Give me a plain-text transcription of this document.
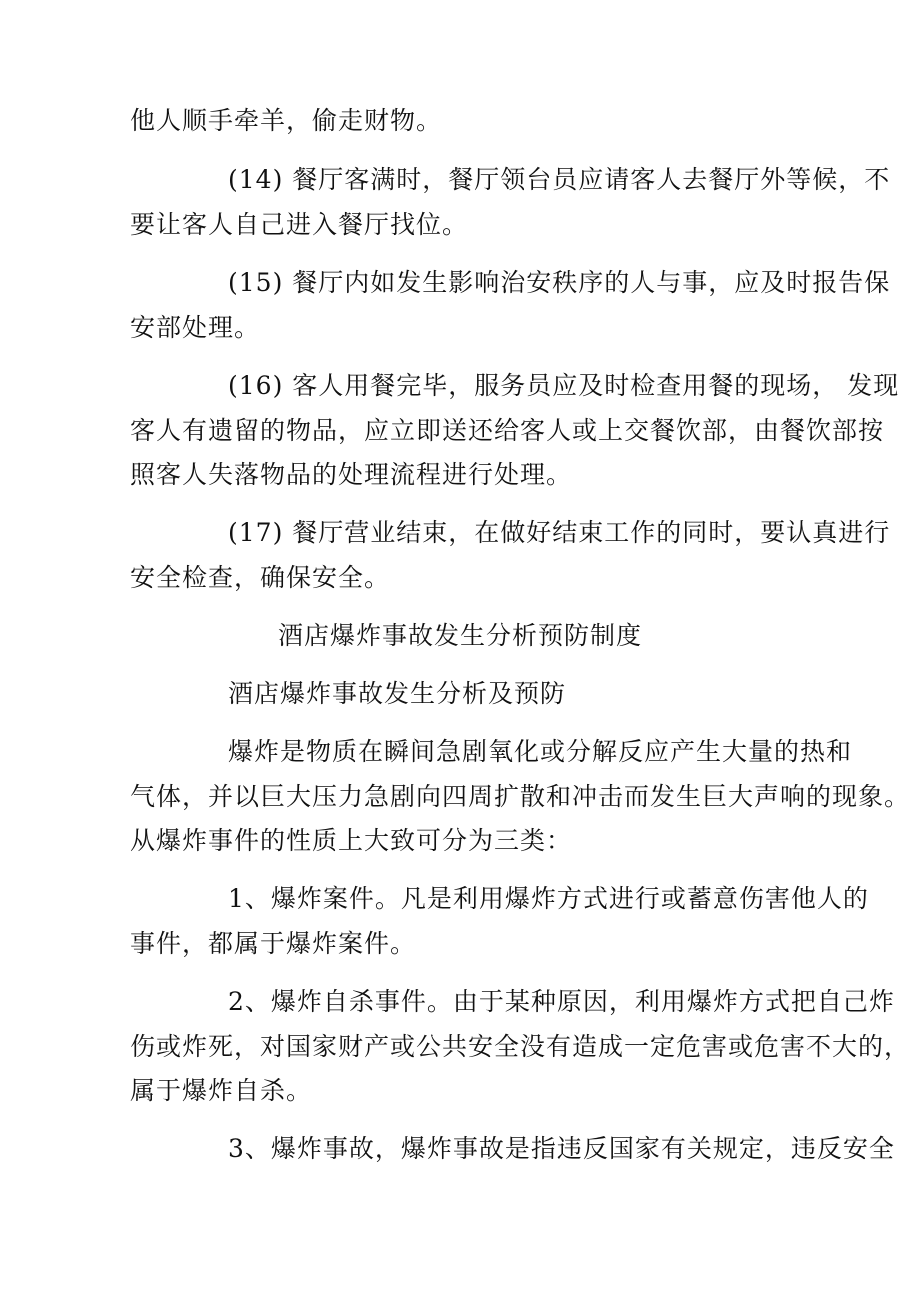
他人顺手牵羊，偷走财物。
(14) 餐厅客满时，餐厅领台员应请客人去餐厅外等候，不
要让客人自己进入餐厅找位。
(15) 餐厅内如发生影响治安秩序的人与事，应及时报告保
安部处理。
(16) 客人用餐完毕，服务员应及时检查用餐的现场， 发现
客人有遗留的物品，应立即送还给客人或上交餐饮部，由餐饮部按
照客人失落物品的处理流程进行处理。
(17) 餐厅营业结束，在做好结束工作的同时，要认真进行
安全检查，确保安全。
酒店爆炸事故发生分析预防制度
酒店爆炸事故发生分析及预防
爆炸是物质在瞬间急剧氧化或分解反应产生大量的热和
气体，并以巨大压力急剧向四周扩散和冲击而发生巨大声响的现象。
从爆炸事件的性质上大致可分为三类：
1、爆炸案件。凡是利用爆炸方式进行或蓄意伤害他人的
事件，都属于爆炸案件。
2、爆炸自杀事件。由于某种原因，利用爆炸方式把自己炸
伤或炸死，对国家财产或公共安全没有造成一定危害或危害不大的，
属于爆炸自杀。
3、爆炸事故，爆炸事故是指违反国家有关规定，违反安全
